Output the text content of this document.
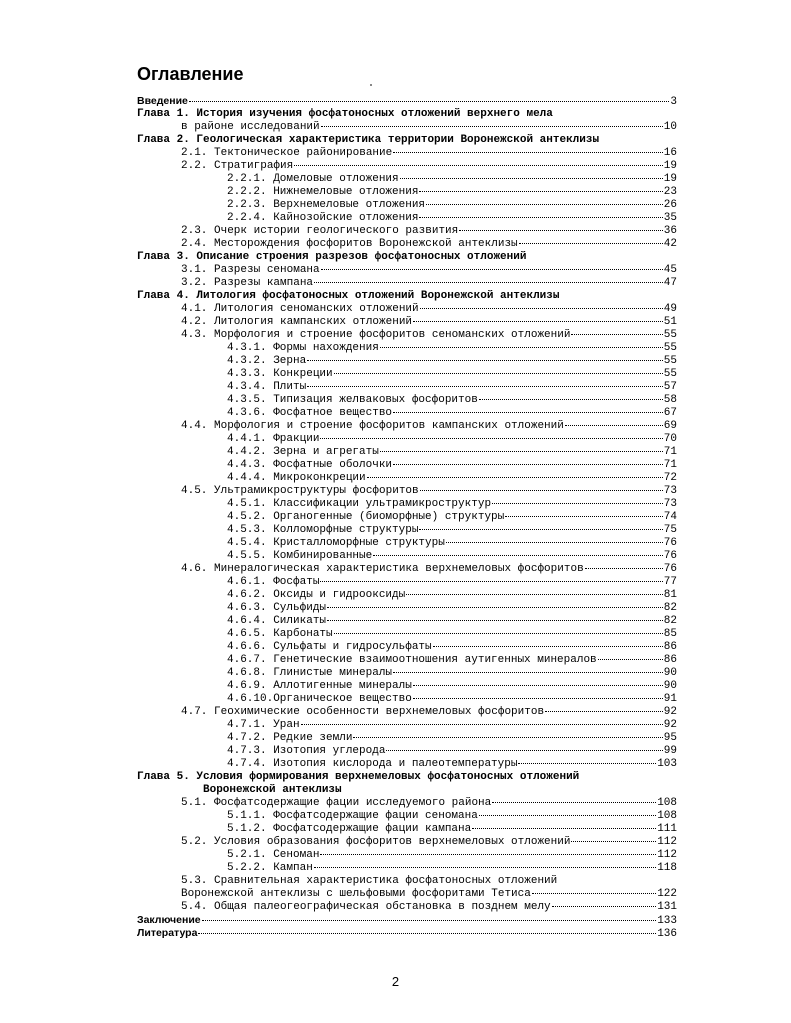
Оглавление
Введение	3
Глава 1. История изучения фосфатоносных отложений верхнего мела
в районе исследований	10
Глава 2. Геологическая характеристика территории Воронежской антеклизы
2.1. Тектоническое районирование	16
2.2. Стратиграфия	19
2.2.1. Домеловые отложения	19
2.2.2. Нижнемеловые отложения	23
2.2.3. Верхнемеловые отложения	26
2.2.4. Кайнозойские отложения	35
2.3. Очерк истории геологического развития	36
2.4. Месторождения фосфоритов Воронежской антеклизы	42
Глава 3. Описание строения разрезов фосфатоносных отложений
3.1. Разрезы сеномана	45
3.2. Разрезы кампана	47
Глава 4. Литология фосфатоносных отложений Воронежской антеклизы
4.1. Литология сеноманских отложений	49
4.2. Литология кампанских отложений	51
4.3. Морфология и строение фосфоритов сеноманских отложений	55
4.3.1. Формы нахождения	55
4.3.2. Зерна	55
4.3.3. Конкреции	55
4.3.4. Плиты	57
4.3.5. Типизация желваковых фосфоритов	58
4.3.6. Фосфатное вещество	67
4.4. Морфология и строение фосфоритов кампанских отложений	69
4.4.1. Фракции	70
4.4.2. Зерна и агрегаты	71
4.4.3. Фосфатные оболочки	71
4.4.4. Микроконкреции	72
4.5. Ультрамикроструктуры фосфоритов	73
4.5.1. Классификации ультрамикроструктур	73
4.5.2. Органогенные (биоморфные) структуры	74
4.5.3. Колломорфные структуры	75
4.5.4. Кристалломорфные структуры	76
4.5.5. Комбинированные	76
4.6. Минералогическая характеристика верхнемеловых фосфоритов	76
4.6.1. Фосфаты	77
4.6.2. Оксиды и гидрооксиды	81
4.6.3. Сульфиды	82
4.6.4. Силикаты	82
4.6.5. Карбонаты	85
4.6.6. Сульфаты и гидросульфаты	86
4.6.7. Генетические взаимоотношения аутигенных минералов	86
4.6.8. Глинистые минералы	90
4.6.9. Аллотигенные минералы	90
4.6.10.Органическое вещество	91
4.7. Геохимические особенности верхнемеловых фосфоритов	92
4.7.1. Уран	92
4.7.2. Редкие земли	95
4.7.3. Изотопия углерода	99
4.7.4. Изотопия кислорода и палеотемпературы	103
Глава 5. Условия формирования верхнемеловых фосфатоносных отложений
Воронежской антеклизы
5.1. Фосфатсодержащие фации исследуемого района	108
5.1.1. Фосфатсодержащие фации сеномана	108
5.1.2. Фосфатсодержащие фации кампана	111
5.2. Условия образования фосфоритов верхнемеловых отложений	112
5.2.1. Сеноман	112
5.2.2. Кампан	118
5.3. Сравнительная характеристика фосфатоносных отложений
Воронежской антеклизы с шельфовыми фосфоритами Тетиса	122
5.4. Общая палеогеографическая обстановка в позднем мелу	131
Заключение	133
Литература	136
2
